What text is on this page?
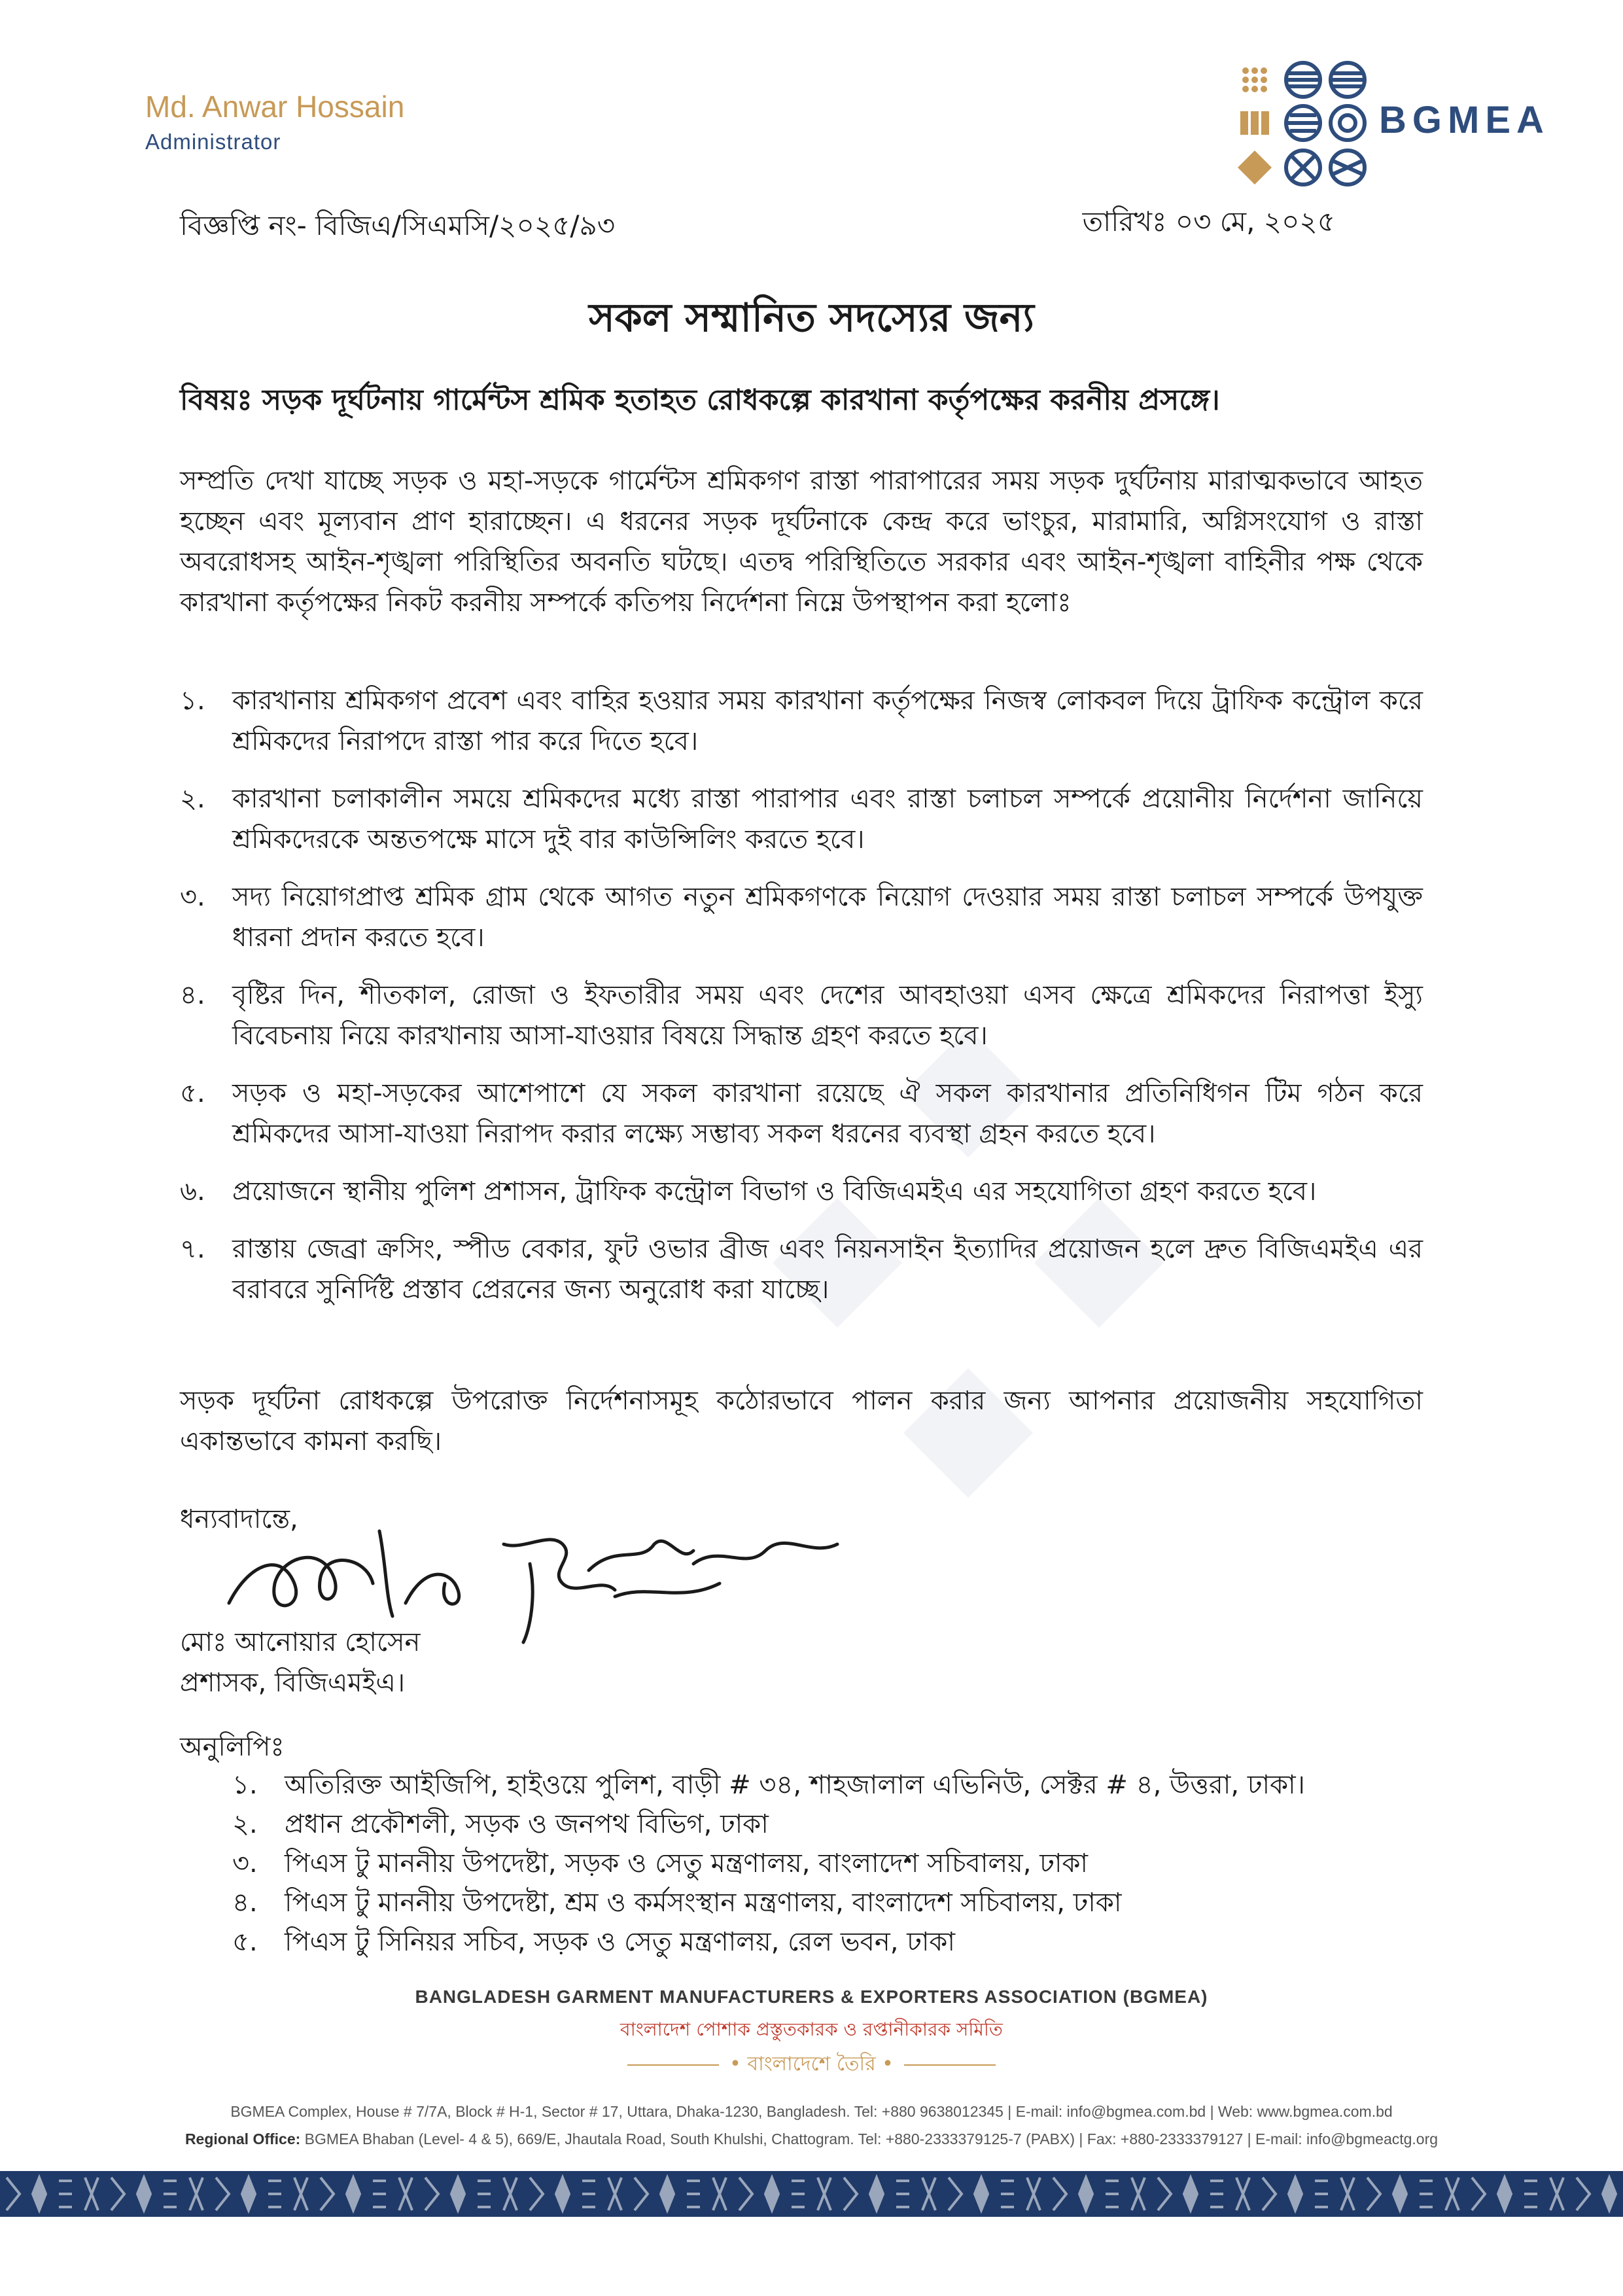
Md. Anwar Hossain
Administrator
BGMEA
বিজ্ঞপ্তি নং- বিজিএ/সিএমসি/২০২৫/৯৩	তারিখঃ ০৩ মে, ২০২৫
সকল সম্মানিত সদস্যের জন্য
বিষয়ঃ সড়ক দূর্ঘটনায় গার্মেন্টস শ্রমিক হতাহত রোধকল্পে কারখানা কর্তৃপক্ষের করনীয় প্রসঙ্গে।
সম্প্রতি দেখা যাচ্ছে সড়ক ও মহা-সড়কে গার্মেন্টস শ্রমিকগণ রাস্তা পারাপারের সময় সড়ক দুর্ঘটনায় মারাত্মকভাবে আহত হচ্ছেন এবং মূল্যবান প্রাণ হারাচ্ছেন। এ ধরনের সড়ক দূর্ঘটনাকে কেন্দ্র করে ভাংচুর, মারামারি, অগ্নিসংযোগ ও রাস্তা অবরোধসহ আইন-শৃঙ্খলা পরিস্থিতির অবনতি ঘটছে। এতদ্ব পরিস্থিতিতে সরকার এবং আইন-শৃঙ্খলা বাহিনীর পক্ষ থেকে কারখানা কর্তৃপক্ষের নিকট করনীয় সম্পর্কে কতিপয় নির্দেশনা নিম্নে উপস্থাপন করা হলোঃ
১.	কারখানায় শ্রমিকগণ প্রবেশ এবং বাহির হওয়ার সময় কারখানা কর্তৃপক্ষের নিজস্ব লোকবল দিয়ে ট্রাফিক কন্ট্রোল করে শ্রমিকদের নিরাপদে রাস্তা পার করে দিতে হবে।
২.	কারখানা চলাকালীন সময়ে শ্রমিকদের মধ্যে রাস্তা পারাপার এবং রাস্তা চলাচল সম্পর্কে প্রয়োনীয় নির্দেশনা জানিয়ে শ্রমিকদেরকে অন্ততপক্ষে মাসে দুই বার কাউন্সিলিং করতে হবে।
৩.	সদ্য নিয়োগপ্রাপ্ত শ্রমিক গ্রাম থেকে আগত নতুন শ্রমিকগণকে নিয়োগ দেওয়ার সময় রাস্তা চলাচল সম্পর্কে উপযুক্ত ধারনা প্রদান করতে হবে।
৪.	বৃষ্টির দিন, শীতকাল, রোজা ও ইফতারীর সময় এবং দেশের আবহাওয়া এসব ক্ষেত্রে শ্রমিকদের নিরাপত্তা ইস্যু বিবেচনায় নিয়ে কারখানায় আসা-যাওয়ার বিষয়ে সিদ্ধান্ত গ্রহণ করতে হবে।
৫.	সড়ক ও মহা-সড়কের আশেপাশে যে সকল কারখানা রয়েছে ঐ সকল কারখানার প্রতিনিধিগন টিম গঠন করে শ্রমিকদের আসা-যাওয়া নিরাপদ করার লক্ষ্যে সম্ভাব্য সকল ধরনের ব্যবস্থা গ্রহন করতে হবে।
৬.	প্রয়োজনে স্থানীয় পুলিশ প্রশাসন, ট্রাফিক কন্ট্রোল বিভাগ ও বিজিএমইএ এর সহযোগিতা গ্রহণ করতে হবে।
৭.	রাস্তায় জেব্রা ক্রসিং, স্পীড বেকার, ফুট ওভার ব্রীজ এবং নিয়নসাইন ইত্যাদির প্রয়োজন হলে দ্রুত বিজিএমইএ এর বরাবরে সুনির্দিষ্ট প্রস্তাব প্রেরনের জন্য অনুরোধ করা যাচ্ছে।
সড়ক দূর্ঘটনা রোধকল্পে উপরোক্ত নির্দেশনাসমূহ কঠোরভাবে পালন করার জন্য আপনার প্রয়োজনীয় সহযোগিতা একান্তভাবে কামনা করছি।
ধন্যবাদান্তে,
মোঃ আনোয়ার হোসেন
প্রশাসক, বিজিএমইএ।
অনুলিপিঃ
১.	অতিরিক্ত আইজিপি, হাইওয়ে পুলিশ, বাড়ী # ৩৪, শাহজালাল এভিনিউ, সেক্টর # ৪, উত্তরা, ঢাকা।
২.	প্রধান প্রকৌশলী, সড়ক ও জনপথ বিভিগ, ঢাকা
৩.	পিএস টু মাননীয় উপদেষ্টা, সড়ক ও সেতু মন্ত্রণালয়, বাংলাদেশ সচিবালয়, ঢাকা
৪.	পিএস টু মাননীয় উপদেষ্টা, শ্রম ও কর্মসংস্থান মন্ত্রণালয়, বাংলাদেশ সচিবালয়, ঢাকা
৫.	পিএস টু সিনিয়র সচিব, সড়ক ও সেতু মন্ত্রণালয়, রেল ভবন, ঢাকা
BANGLADESH GARMENT MANUFACTURERS & EXPORTERS ASSOCIATION (BGMEA)
বাংলাদেশ পোশাক প্রস্তুতকারক ও রপ্তানীকারক সমিতি
• বাংলাদেশে তৈরি •
BGMEA Complex, House # 7/7A, Block # H-1, Sector # 17, Uttara, Dhaka-1230, Bangladesh. Tel: +880 9638012345 | E-mail: info@bgmea.com.bd | Web: www.bgmea.com.bd
Regional Office: BGMEA Bhaban (Level- 4 & 5), 669/E, Jhautala Road, South Khulshi, Chattogram. Tel: +880-2333379125-7 (PABX) | Fax: +880-2333379127 | E-mail: info@bgmeactg.org
